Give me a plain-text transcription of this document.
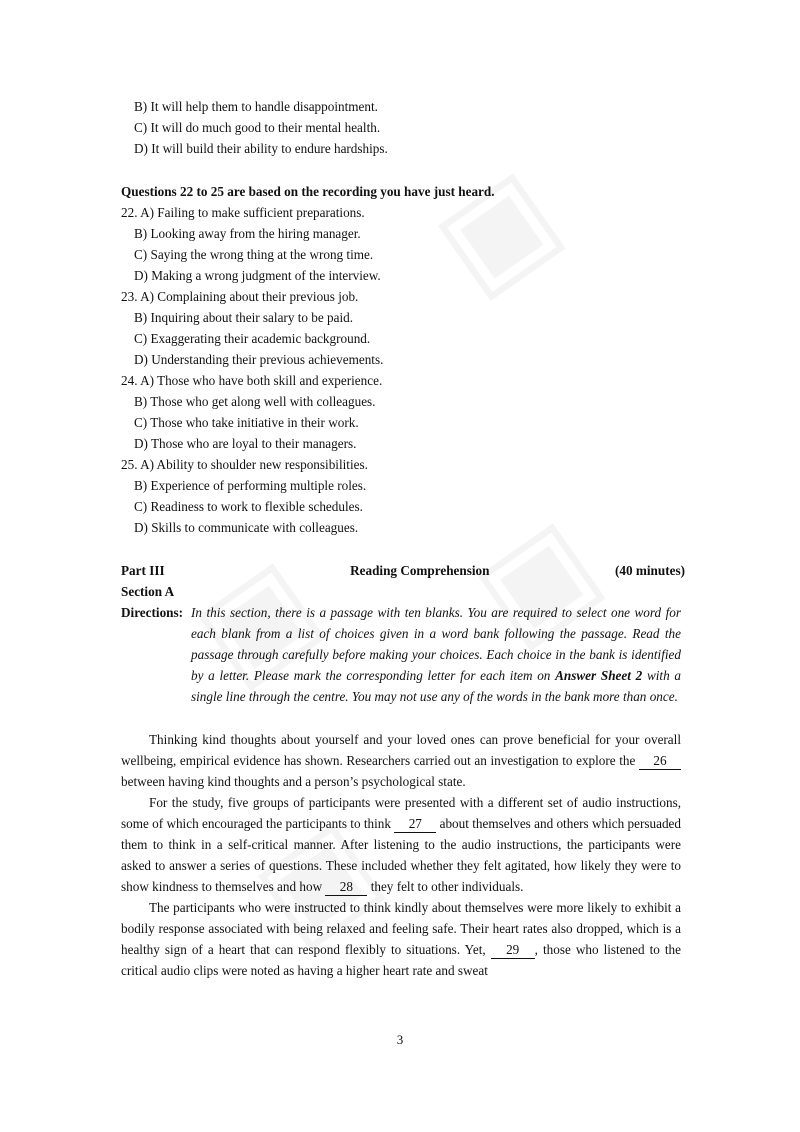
B) It will help them to handle disappointment.
C) It will do much good to their mental health.
D) It will build their ability to endure hardships.
Questions 22 to 25 are based on the recording you have just heard.
22. A) Failing to make sufficient preparations.
B) Looking away from the hiring manager.
C) Saying the wrong thing at the wrong time.
D) Making a wrong judgment of the interview.
23. A) Complaining about their previous job.
B) Inquiring about their salary to be paid.
C) Exaggerating their academic background.
D) Understanding their previous achievements.
24. A) Those who have both skill and experience.
B) Those who get along well with colleagues.
C) Those who take initiative in their work.
D) Those who are loyal to their managers.
25. A) Ability to shoulder new responsibilities.
B) Experience of performing multiple roles.
C) Readiness to work to flexible schedules.
D) Skills to communicate with colleagues.
Part III	Reading Comprehension	(40 minutes)
Section A
Directions: In this section, there is a passage with ten blanks. You are required to select one word for each blank from a list of choices given in a word bank following the passage. Read the passage through carefully before making your choices. Each choice in the bank is identified by a letter. Please mark the corresponding letter for each item on Answer Sheet 2 with a single line through the centre. You may not use any of the words in the bank more than once.
Thinking kind thoughts about yourself and your loved ones can prove beneficial for your overall wellbeing, empirical evidence has shown. Researchers carried out an investigation to explore the 26 between having kind thoughts and a person’s psychological state.
For the study, five groups of participants were presented with a different set of audio instructions, some of which encouraged the participants to think 27 about themselves and others which persuaded them to think in a self-critical manner. After listening to the audio instructions, the participants were asked to answer a series of questions. These included whether they felt agitated, how likely they were to show kindness to themselves and how 28 they felt to other individuals.
The participants who were instructed to think kindly about themselves were more likely to exhibit a bodily response associated with being relaxed and feeling safe. Their heart rates also dropped, which is a healthy sign of a heart that can respond flexibly to situations. Yet, 29 , those who listened to the critical audio clips were noted as having a higher heart rate and sweat
3
